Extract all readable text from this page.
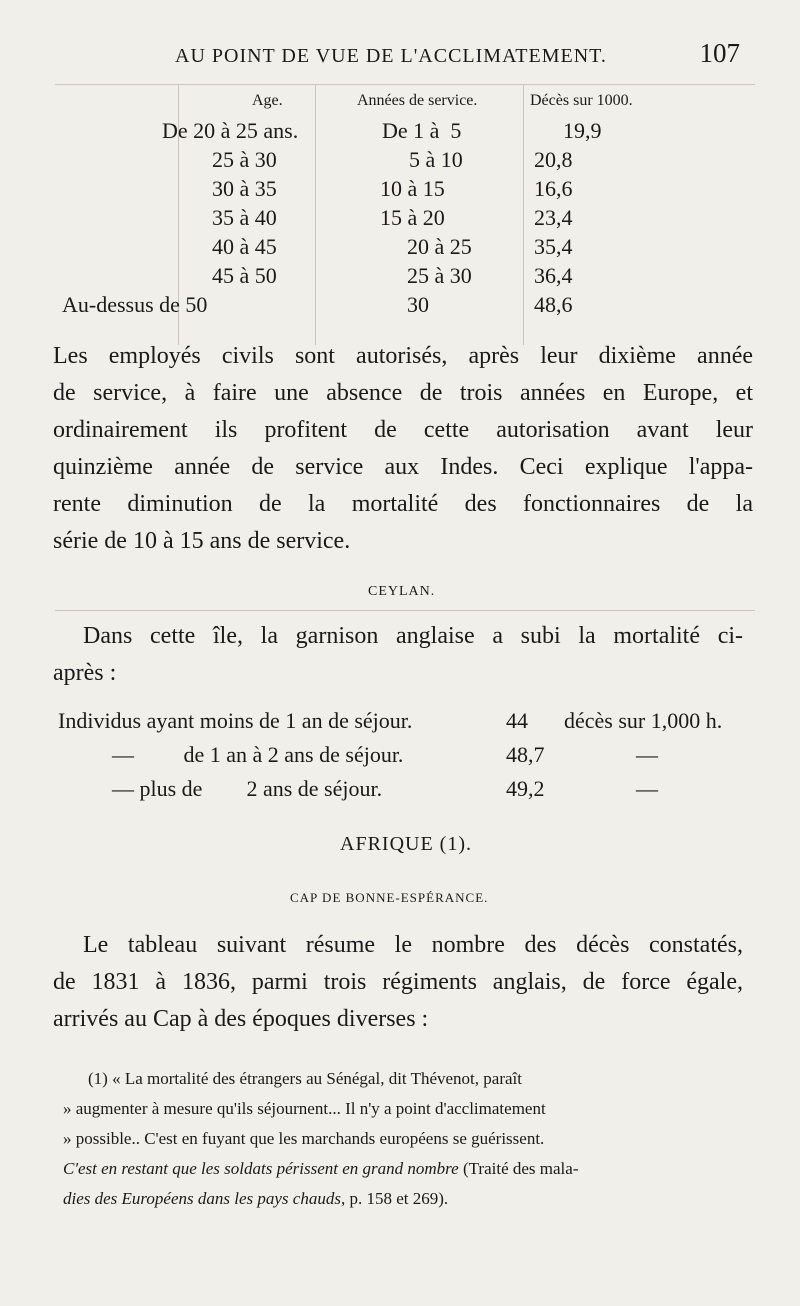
AU POINT DE VUE DE L'ACCLIMATEMENT.	107
Age.	Années de service.	Décès sur 1000.
De 20 à 25 ans.	De 1 à  5	19,9
25 à 30	5 à 10	20,8
30 à 35	10 à 15	16,6
35 à 40	15 à 20	23,4
40 à 45	20 à 25	35,4
45 à 50	25 à 30	36,4
Au-dessus de 50	30	48,6
Les employés civils sont autorisés, après leur dixième année
de service, à faire une absence de trois années en Europe, et
ordinairement ils profitent de cette autorisation avant leur
quinzième année de service aux Indes. Ceci explique l'appa-
rente diminution de la mortalité des fonctionnaires de la
série de 10 à 15 ans de service.
CEYLAN.
Dans cette île, la garnison anglaise a subi la mortalité ci-
après :
Individus ayant moins de 1 an de séjour.	44 décès sur 1,000 h.
—         de 1 an à 2 ans de séjour.	48,7	—
— plus de        2 ans de séjour.	49,2	—
AFRIQUE (1).
CAP DE BONNE-ESPÉRANCE.
Le tableau suivant résume le nombre des décès constatés,
de 1831 à 1836, parmi trois régiments anglais, de force égale,
arrivés au Cap à des époques diverses :
(1) « La mortalité des étrangers au Sénégal, dit Thévenot, paraît
» augmenter à mesure qu'ils séjournent... Il n'y a point d'acclimatement
» possible.. C'est en fuyant que les marchands européens se guérissent.
C'est en restant que les soldats périssent en grand nombre (Traité des mala-
dies des Européens dans les pays chauds, p. 158 et 269).
